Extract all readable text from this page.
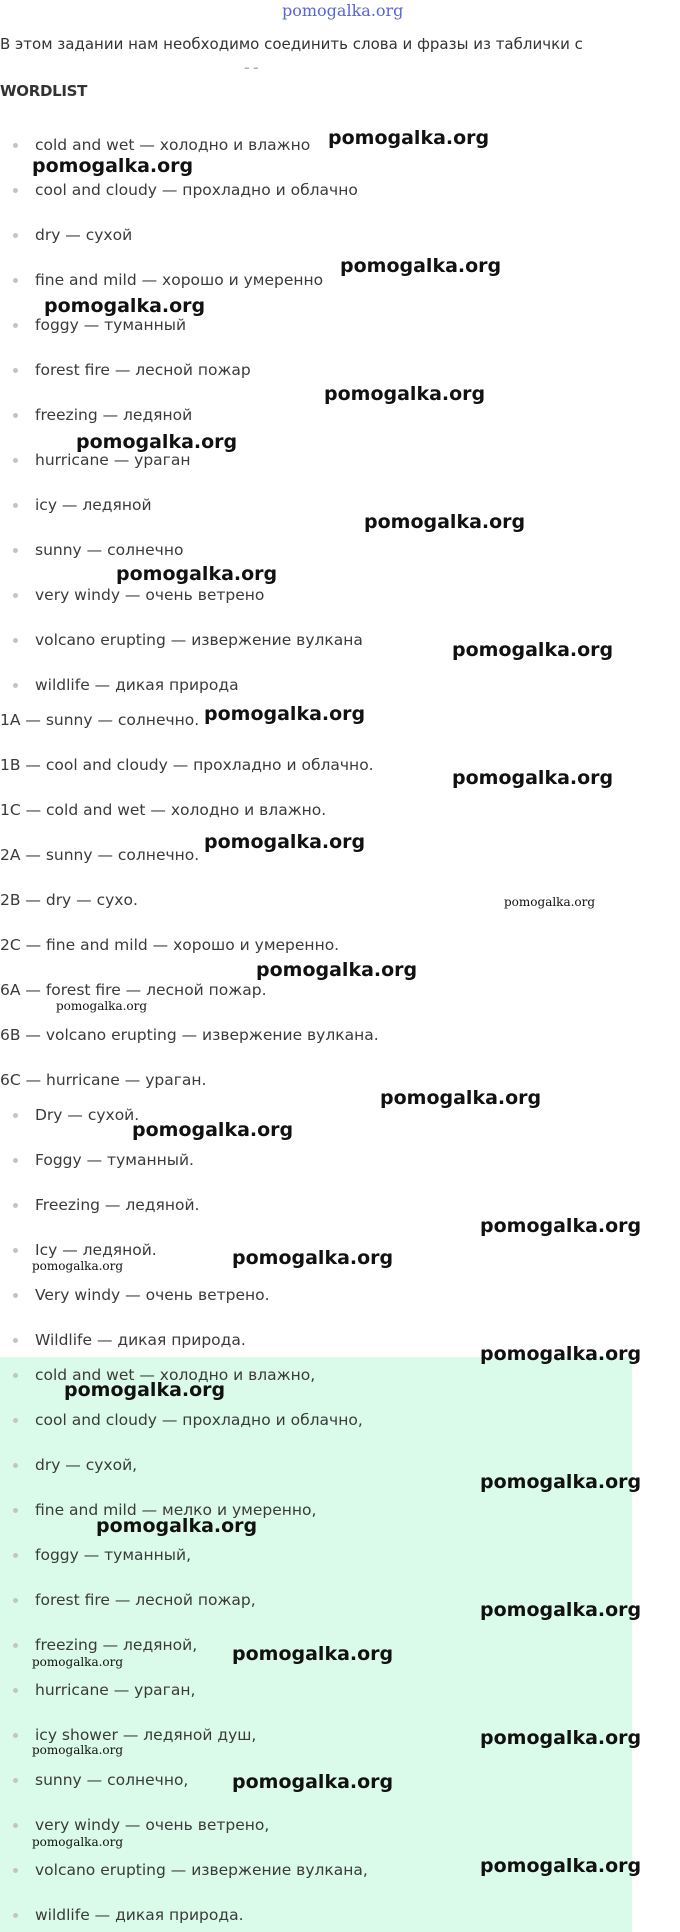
pomogalka.org
В этом задании нам необходимо соединить слова и фразы из таблички с
– –
WORDLIST
cold and wet — холодно и влажно
cool and cloudy — прохладно и облачно
dry — сухой
fine and mild — хорошо и умеренно
foggy — туманный
forest fire — лесной пожар
freezing — ледяной
hurricane — ураган
icy — ледяной
sunny — солнечно
very windy — очень ветрено
volcano erupting — извержение вулкана
wildlife — дикая природа
1A — sunny — солнечно.
1B — cool and cloudy — прохладно и облачно.
1C — cold and wet — холодно и влажно.
2A — sunny — солнечно.
2B — dry — сухо.
2C — fine and mild — хорошо и умеренно.
6A — forest fire — лесной пожар.
6B — volcano erupting — извержение вулкана.
6C — hurricane — ураган.
Dry — сухой.
Foggy — туманный.
Freezing — ледяной.
Icy — ледяной.
Very windy — очень ветрено.
Wildlife — дикая природа.
cold and wet — холодно и влажно,
cool and cloudy — прохладно и облачно,
dry — сухой,
fine and mild — мелко и умеренно,
foggy — туманный,
forest fire — лесной пожар,
freezing — ледяной,
hurricane — ураган,
icy shower — ледяной душ,
sunny — солнечно,
very windy — очень ветрено,
volcano erupting — извержение вулкана,
wildlife — дикая природа.
pomogalka.org
pomogalka.org
pomogalka.org
pomogalka.org
pomogalka.org
pomogalka.org
pomogalka.org
pomogalka.org
pomogalka.org
pomogalka.org
pomogalka.org
pomogalka.org
pomogalka.org
pomogalka.org
pomogalka.org
pomogalka.org
pomogalka.org
pomogalka.org
pomogalka.org
pomogalka.org
pomogalka.org
pomogalka.org
pomogalka.org
pomogalka.org
pomogalka.org
pomogalka.org
pomogalka.org
pomogalka.org
pomogalka.org
pomogalka.org
pomogalka.org
pomogalka.org
